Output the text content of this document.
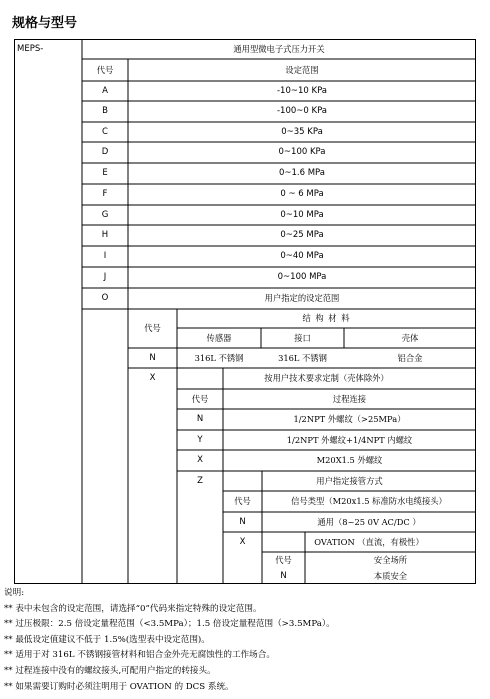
规格与型号
MEPS-	通用型微电子式压力开关
代号	设定范围
A	-10~10 KPa
B	-100~0 KPa
C	0~35 KPa
D	0~100 KPa
E	0~1.6 MPa
F	0 ~ 6 MPa
G	0~10 MPa
H	0~25 MPa
I	0~40 MPa
J	0~100 MPa
O	用户指定的设定范围
代号
结 构 材 料
传感器	接口	壳体
N	316L 不锈钢	316L 不锈钢	铝合金
X	按用户技术要求定制（壳体除外）
代号	过程连接
N	1/2NPT 外螺纹（>25MPa）
Y	1/2NPT 外螺纹+1/4NPT 内螺纹
X	M20X1.5 外螺纹
Z	用户指定接管方式
代号	信号类型（M20x1.5 标准防水电缆接头）
N	通用（8~25 0V AC/DC ）
X	OVATION （直流，有极性）
代号	安全场所
N	本质安全
说明:
** 表中未包含的设定范围，请选择“0”代码来指定特殊的设定范围。
** 过压极限：2.5 倍设定量程范围（<3.5MPa）；1.5 倍设定量程范围（>3.5MPa）。
** 最低设定值建议不低于 1.5%(选型表中设定范围)。
** 适用于对 316L 不锈钢接管材料和铝合金外壳无腐蚀性的工作场合。
** 过程连接中没有的螺纹接头,可配用户指定的转接头。
** 如果需要订购时必须注明用于 OVATION 的 DCS 系统。
